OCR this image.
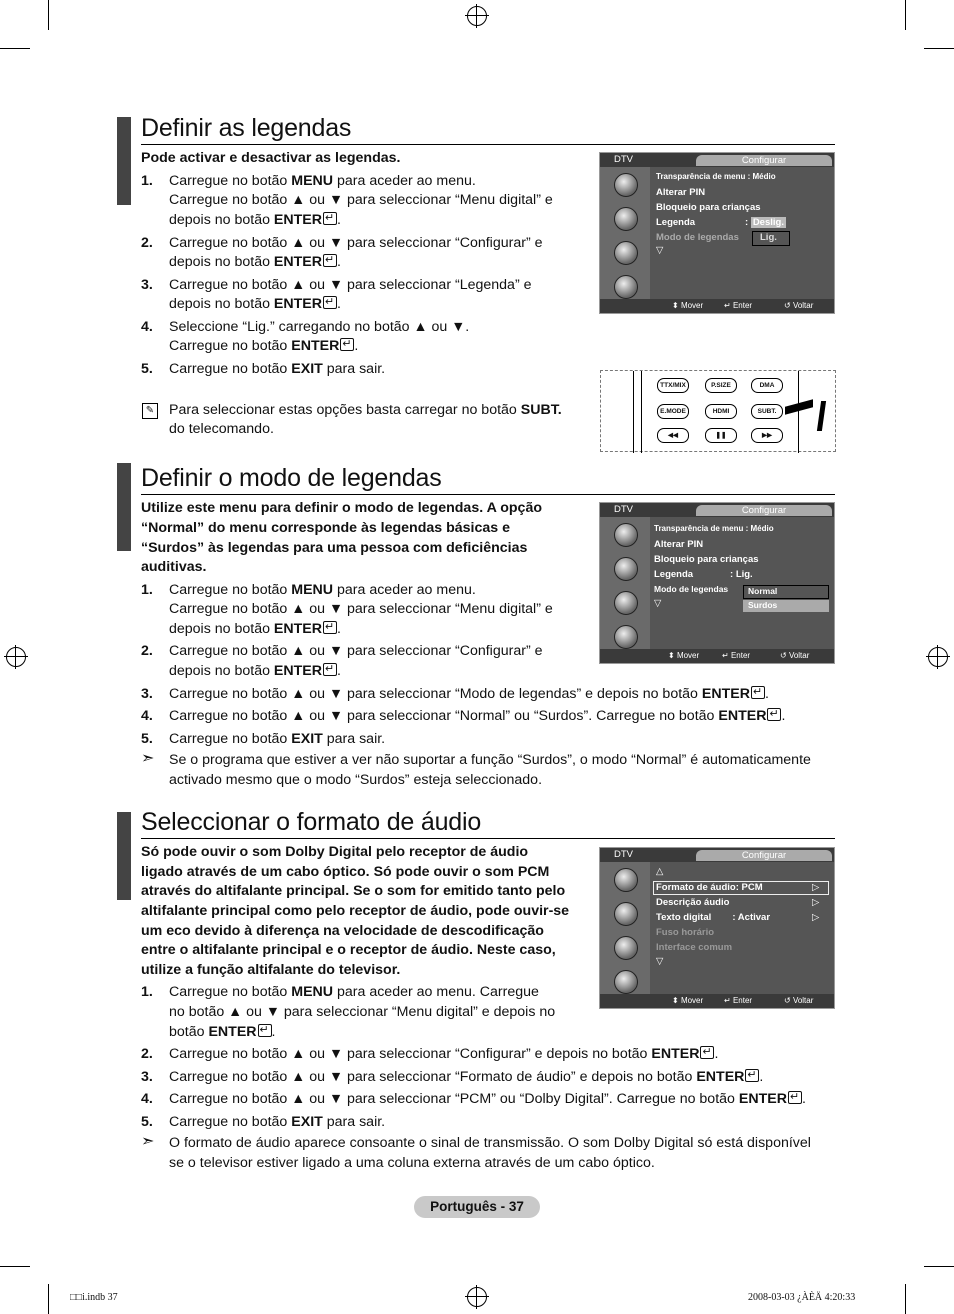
Definir as legendas
Pode activar e desactivar as legendas.
1. Carregue no botão MENU para aceder ao menu.
Carregue no botão ▲ ou ▼ para seleccionar “Menu digital” e
depois no botão ENTER ↵ .
2. Carregue no botão ▲ ou ▼ para seleccionar “Configurar” e
depois no botão ENTER ↵ .
3. Carregue no botão ▲ ou ▼ para seleccionar “Legenda” e
depois no botão ENTER ↵ .
4. Seleccione “Lig.” carregando no botão ▲ ou ▼.
Carregue no botão ENTER ↵ .
5. Carregue no botão EXIT para sair.
✎ Para seleccionar estas opções basta carregar no botão SUBT.
do telecomando.
DTV	Configurar
Transparência de menu : Médio
Alterar PIN
Bloqueio para crianças
Legenda	: Deslig.
Modo de legendas Lig.
▽
⬍ Mover	↵ Enter	↺ Voltar
TTX/MIX	P.SIZE	DMA
E.MODE	HDMI	SUBT.
◀◀	❚❚	▶▶
Definir o modo de legendas
Utilize este menu para definir o modo de legendas. A opção
“Normal” do menu corresponde às legendas básicas e
“Surdos” às legendas para uma pessoa com deficiências
auditivas.
1. Carregue no botão MENU para aceder ao menu.
Carregue no botão ▲ ou ▼ para seleccionar “Menu digital” e
depois no botão ENTER ↵ .
2. Carregue no botão ▲ ou ▼ para seleccionar “Configurar” e
depois no botão ENTER ↵ .
3. Carregue no botão ▲ ou ▼ para seleccionar “Modo de legendas” e depois no botão ENTER ↵ .
4. Carregue no botão ▲ ou ▼ para seleccionar “Normal” ou “Surdos”. Carregue no botão ENTER ↵ .
5. Carregue no botão EXIT para sair.
➣ Se o programa que estiver a ver não suportar a função “Surdos”, o modo “Normal” é automaticamente
activado mesmo que o modo “Surdos” esteja seleccionado.
DTV	Configurar
Transparência de menu : Médio
Alterar PIN
Bloqueio para crianças
Legenda              : Lig.
Modo de legendas
▽
Normal
Surdos
⬍ Mover	↵ Enter	↺ Voltar
Seleccionar o formato de áudio
Só pode ouvir o som Dolby Digital pelo receptor de áudio
ligado através de um cabo óptico. Só pode ouvir o som PCM
através do altifalante principal. Se o som for emitido tanto pelo
altifalante principal como pelo receptor de áudio, pode ouvir-se
um eco devido à diferença na velocidade de descodificação
entre o altifalante principal e o receptor de áudio. Neste caso,
utilize a função altifalante do televisor.
1. Carregue no botão MENU para aceder ao menu. Carregue
no botão ▲ ou ▼ para seleccionar “Menu digital” e depois no
botão ENTER ↵ .
2. Carregue no botão ▲ ou ▼ para seleccionar “Configurar” e depois no botão ENTER ↵ .
3. Carregue no botão ▲ ou ▼ para seleccionar “Formato de áudio” e depois no botão ENTER ↵ .
4. Carregue no botão ▲ ou ▼ para seleccionar “PCM” ou “Dolby Digital”. Carregue no botão ENTER ↵ .
5. Carregue no botão EXIT para sair.
➣ O formato de áudio aparece consoante o sinal de transmissão. O som Dolby Digital só está disponível
se o televisor estiver ligado a uma coluna externa através de um cabo óptico.
DTV	Configurar
△
Formato de áudio: PCM
Descrição áudio
Texto digital        : Activar
Fuso horário
Interface comum
▽
▷
▷
▷
⬍ Mover	↵ Enter	↺ Voltar
Português - 37
□□i.indb 37	2008-03-03 ¿ÀÈÄ 4:20:33
